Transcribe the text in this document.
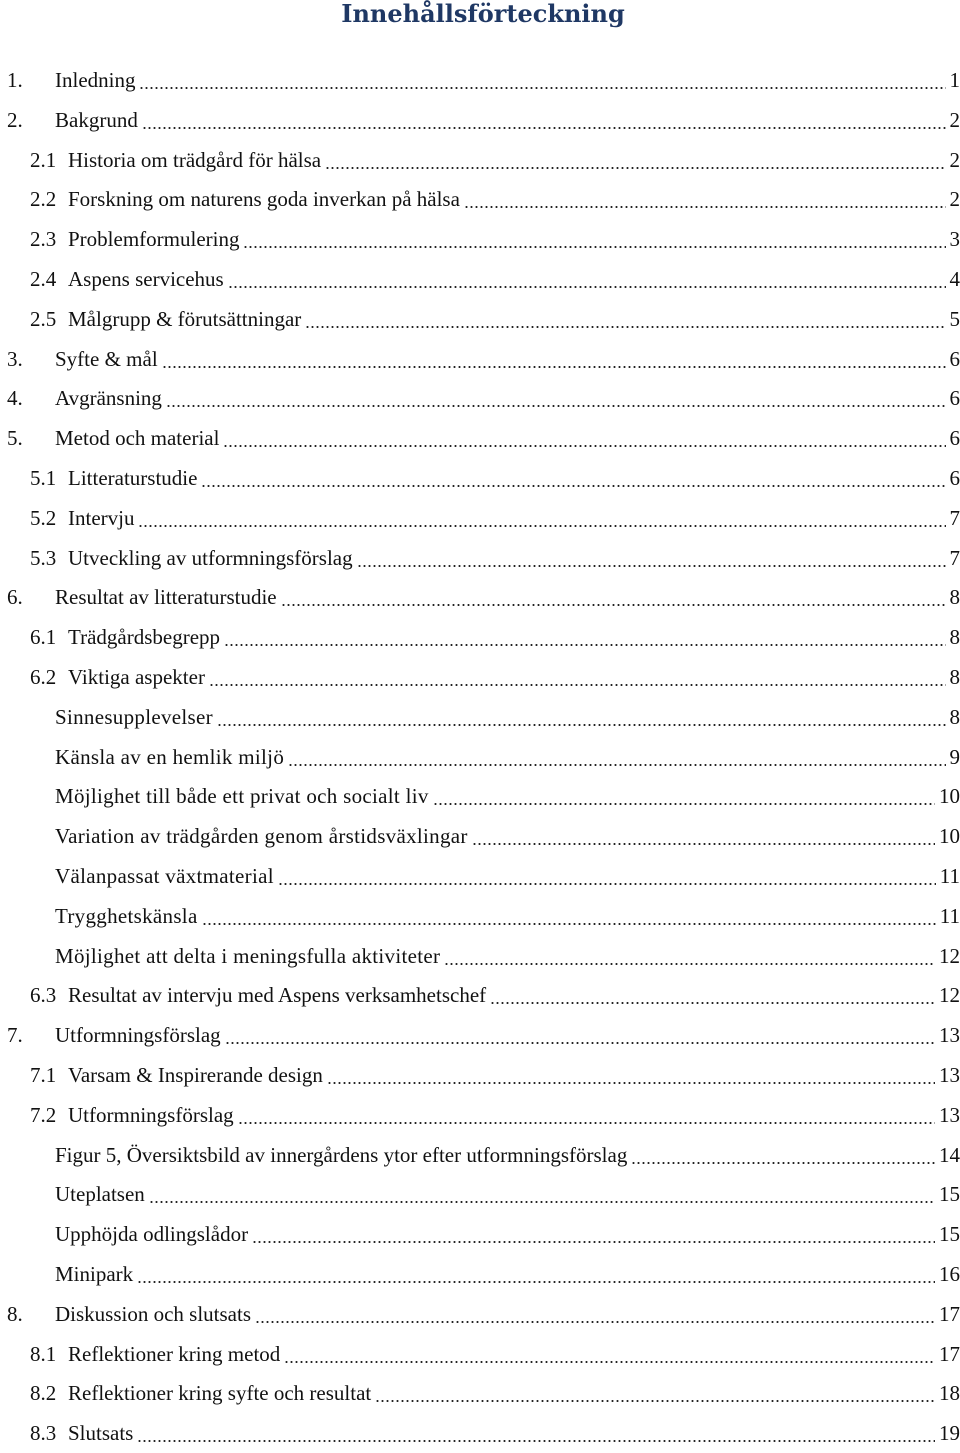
Innehållsförteckning
1. Inledning	1
2. Bakgrund	2
2.1 Historia om trädgård för hälsa	2
2.2 Forskning om naturens goda inverkan på hälsa	2
2.3 Problemformulering	3
2.4 Aspens servicehus	4
2.5 Målgrupp & förutsättningar	5
3. Syfte & mål	6
4. Avgränsning	6
5. Metod och material	6
5.1 Litteraturstudie	6
5.2 Intervju	7
5.3 Utveckling av utformningsförslag	7
6. Resultat av litteraturstudie	8
6.1 Trädgårdsbegrepp	8
6.2 Viktiga aspekter	8
Sinnesupplevelser	8
Känsla av en hemlik miljö	9
Möjlighet till både ett privat och socialt liv	10
Variation av trädgården genom årstidsväxlingar	10
Välanpassat växtmaterial	11
Trygghetskänsla	11
Möjlighet att delta i meningsfulla aktiviteter	12
6.3 Resultat av intervju med Aspens verksamhetschef	12
7. Utformningsförslag	13
7.1 Varsam & Inspirerande design	13
7.2 Utformningsförslag	13
Figur 5, Översiktsbild av innergårdens ytor efter utformningsförslag	14
Uteplatsen	15
Upphöjda odlingslådor	15
Minipark	16
8. Diskussion och slutsats	17
8.1 Reflektioner kring metod	17
8.2 Reflektioner kring syfte och resultat	18
8.3 Slutsats	19
